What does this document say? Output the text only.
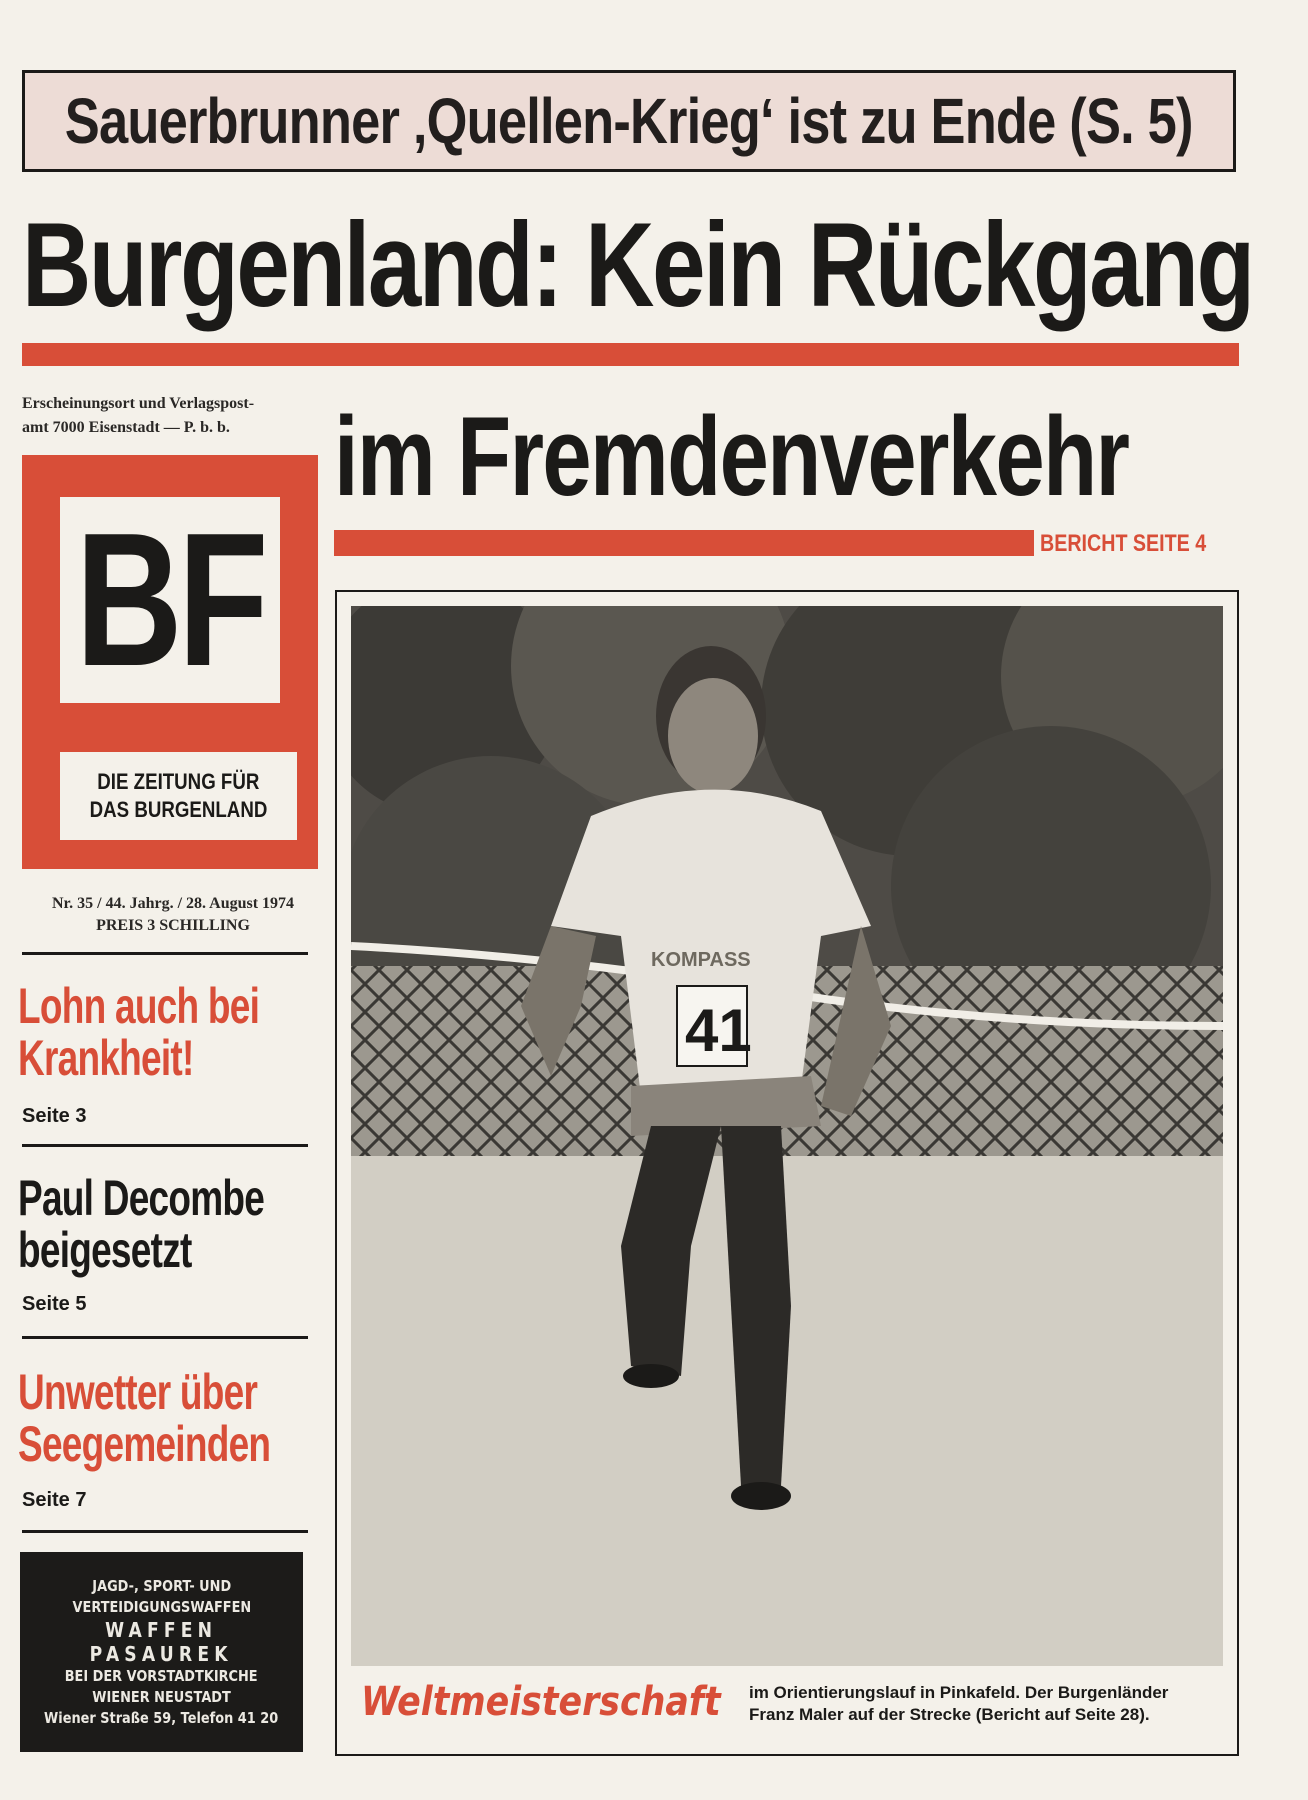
Sauerbrunner ‚Quellen-Krieg‘ ist zu Ende (S. 5)
Burgenland: Kein Rückgang
Erscheinungsort und Verlagspost-
amt 7000 Eisenstadt — P. b. b. im Fremdenverkehr
BERICHT SEITE 4
BF
DIE ZEITUNG FÜR
DAS BURGENLAND
Nr. 35 / 44. Jahrg. / 28. August 1974
PREIS 3 SCHILLING
Lohn auch bei
Krankheit!
Seite 3
Paul Decombe
beigesetzt
Seite 5
Unwetter über
Seegemeinden
Seite 7
JAGD-, SPORT- UND
VERTEIDIGUNGSWAFFEN
WAFFEN
PASAUREK
BEI DER VORSTADTKIRCHE
WIENER NEUSTADT
Wiener Straße 59, Telefon 41 20
41
KOMPASS
Weltmeisterschaft im Orientierungslauf in Pinkafeld. Der Burgenländer
Franz Maler auf der Strecke (Bericht auf Seite 28).
